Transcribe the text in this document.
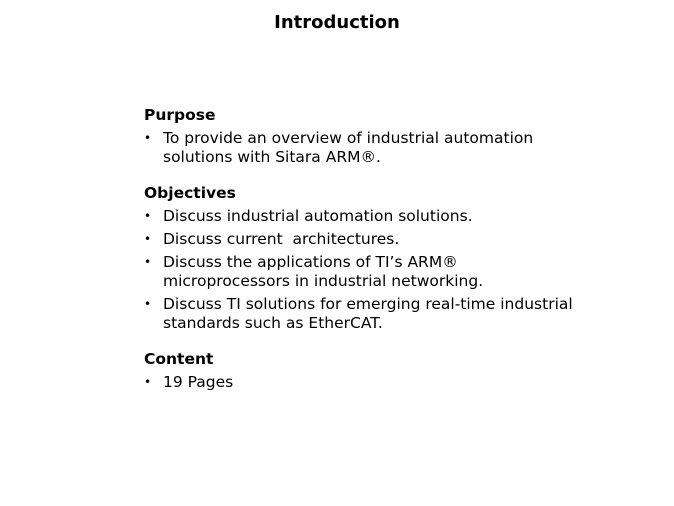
Introduction
Purpose
• To provide an overview of industrial automation solutions with Sitara ARM®.
Objectives
• Discuss industrial automation solutions.
• Discuss current  architectures.
• Discuss the applications of TI’s ARM® microprocessors in industrial networking.
• Discuss TI solutions for emerging real-time industrial standards such as EtherCAT.
Content
• 19 Pages
